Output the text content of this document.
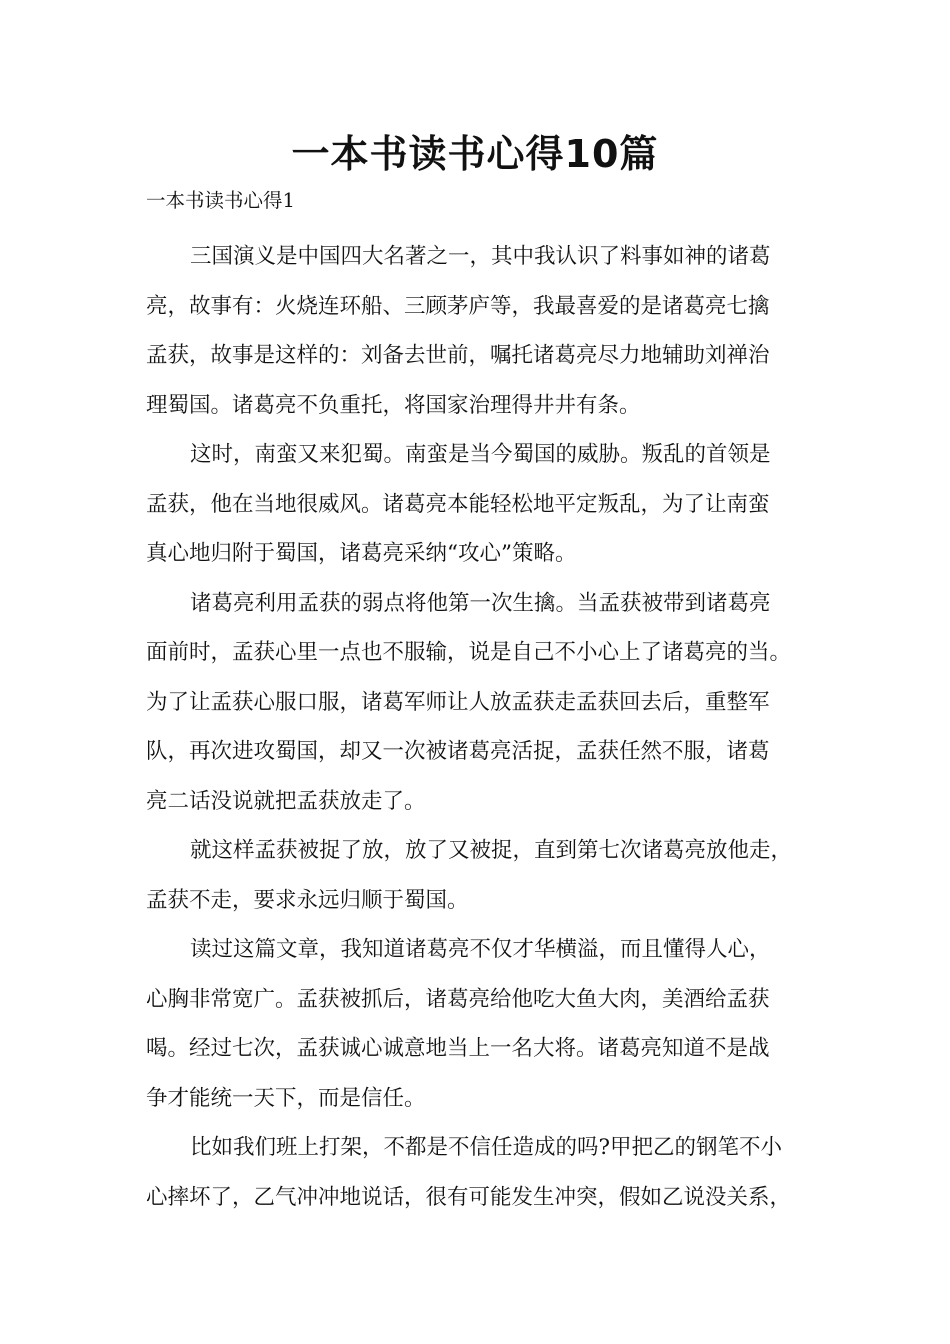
一本书读书心得10篇
一本书读书心得1
三国演义是中国四大名著之一，其中我认识了料事如神的诸葛
亮，故事有：火烧连环船、三顾茅庐等，我最喜爱的是诸葛亮七擒
孟获，故事是这样的：刘备去世前，嘱托诸葛亮尽力地辅助刘禅治
理蜀国。诸葛亮不负重托，将国家治理得井井有条。
这时，南蛮又来犯蜀。南蛮是当今蜀国的威胁。叛乱的首领是
孟获，他在当地很威风。诸葛亮本能轻松地平定叛乱，为了让南蛮
真心地归附于蜀国，诸葛亮采纳“攻心”策略。
诸葛亮利用孟获的弱点将他第一次生擒。当孟获被带到诸葛亮
面前时，孟获心里一点也不服输，说是自己不小心上了诸葛亮的当。
为了让孟获心服口服，诸葛军师让人放孟获走孟获回去后，重整军
队，再次进攻蜀国，却又一次被诸葛亮活捉，孟获任然不服，诸葛
亮二话没说就把孟获放走了。
就这样孟获被捉了放，放了又被捉，直到第七次诸葛亮放他走，
孟获不走，要求永远归顺于蜀国。
读过这篇文章，我知道诸葛亮不仅才华横溢，而且懂得人心，
心胸非常宽广。孟获被抓后，诸葛亮给他吃大鱼大肉，美酒给孟获
喝。经过七次，孟获诚心诚意地当上一名大将。诸葛亮知道不是战
争才能统一天下，而是信任。
比如我们班上打架，不都是不信任造成的吗?甲把乙的钢笔不小
心摔坏了，乙气冲冲地说话，很有可能发生冲突，假如乙说没关系，
